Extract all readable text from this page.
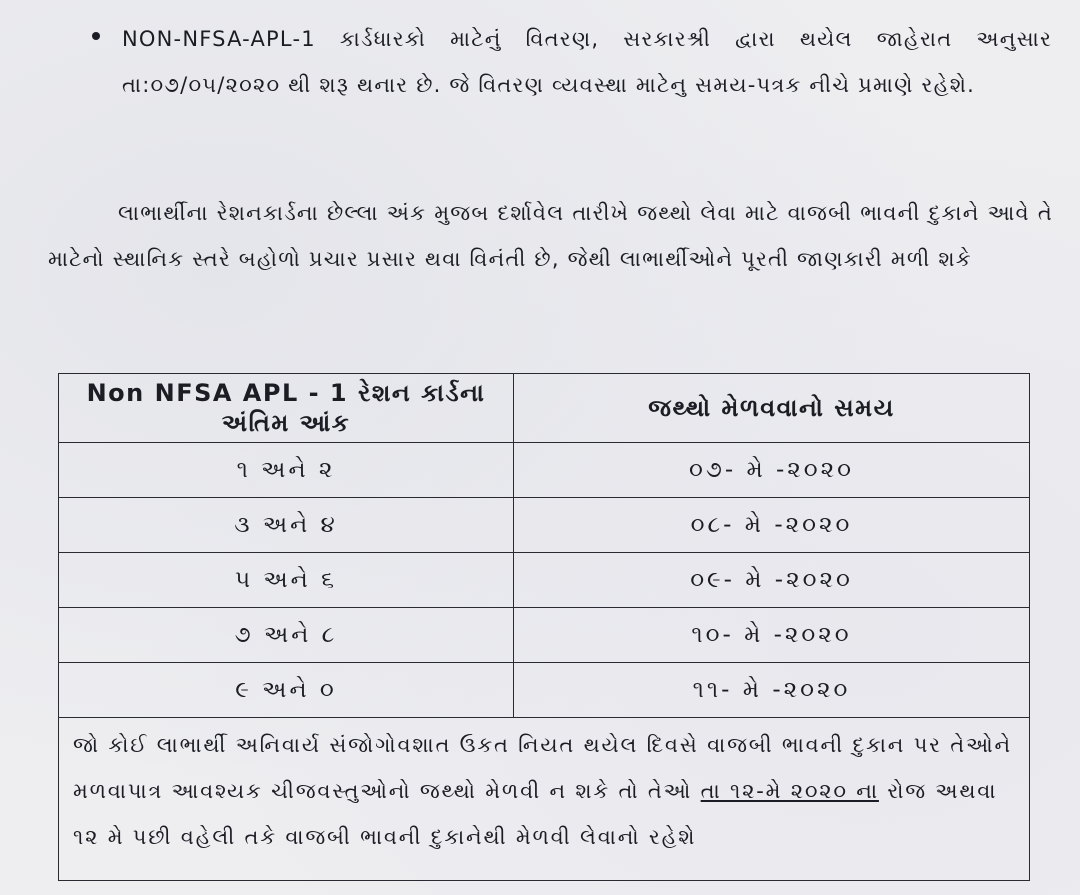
NON-NFSA-APL-1 કાર્ડધારકો માટેનું વિતરણ, સરકારશ્રી દ્વારા થયેલ જાહેરાત અનુસાર તા:૦૭/૦૫/૨૦૨૦ થી શરૂ થનાર છે. જે વિતરણ વ્યવસ્થા માટેનુ સમય-પત્રક નીચે પ્રમાણે રહેશે.

લાભાર્થીના રેશનકાર્ડના છેલ્લા અંક મુજબ દર્શાવેલ તારીખે જથ્થો લેવા માટે વાજબી ભાવની દુકાને આવે તે માટેનો સ્થાનિક સ્તરે બહોળો પ્રચાર પ્રસાર થવા વિનંતી છે, જેથી લાભાર્થીઓને પૂરતી જાણકારી મળી શકે

Non NFSA APL - 1 રેશન કાર્ડના અંતિમ આંક	જથ્થો મેળવવાનો સમય
૧ અને ૨	૦૭- મે -૨૦૨૦
૩ અને ૪	૦૮- મે -૨૦૨૦
૫ અને ૬	૦૯- મે -૨૦૨૦
૭ અને ૮	૧૦- મે -૨૦૨૦
૯ અને ૦	૧૧- મે -૨૦૨૦
જો કોઈ લાભાર્થી અનિવાર્ય સંજોગોવશાત ઉકત નિયત થયેલ દિવસે વાજબી ભાવની દુકાન પર તેઓને મળવાપાત્ર આવશ્યક ચીજવસ્તુઓનો જથ્થો મેળવી ન શકે તો તેઓ તા ૧૨-મે ૨૦૨૦ ના રોજ અથવા ૧૨ મે પછી વહેલી તકે વાજબી ભાવની દુકાનેથી મેળવી લેવાનો રહેશે	
